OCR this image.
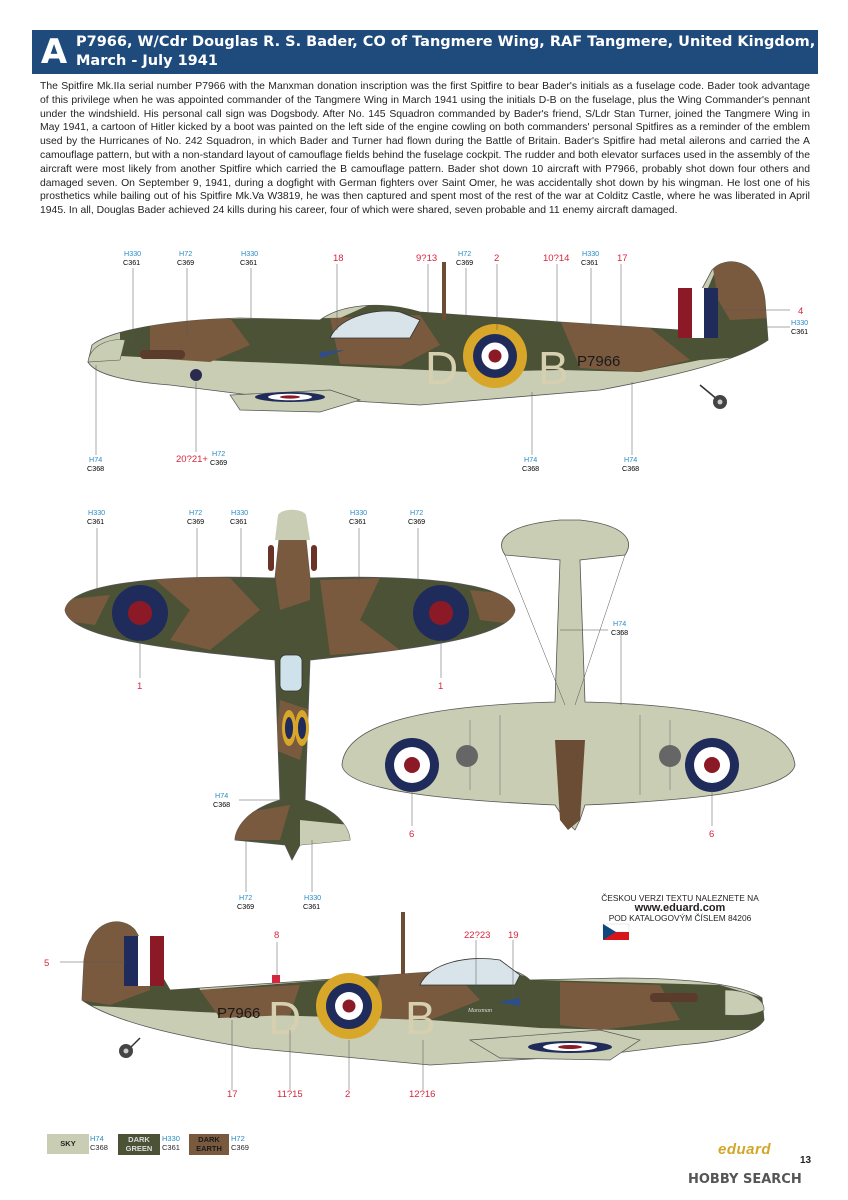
A P7966, W/Cdr Douglas R. S. Bader, CO of Tangmere Wing, RAF Tangmere, United Kingdom,
March - July 1941
The Spitfire Mk.IIa serial number P7966 with the Manxman donation inscription was the first Spitfire to bear Bader's initials as a fuselage code. Bader took advantage of this privilege when he was appointed commander of the Tangmere Wing in March 1941 using the initials D-B on the fuselage, plus the Wing Commander's pennant under the windshield. His personal call sign was Dogsbody. After No. 145 Squadron commanded by Bader's friend, S/Ldr Stan Turner, joined the Tangmere Wing in May 1941, a cartoon of Hitler kicked by a boot was painted on the left side of the engine cowling on both commanders' personal Spitfires as a reminder of the emblem used by the Hurricanes of No. 242 Squadron, in which Bader and Turner had flown during the Battle of Britain. Bader's Spitfire had metal ailerons and carried the A camouflage pattern, but with a non-standard layout of camouflage fields behind the fuselage cockpit. The rudder and both elevator surfaces used in the assembly of the aircraft were most likely from another Spitfire which carried the B camouflage pattern. Bader shot down 10 aircraft with P7966, probably shot down four others and damaged seven. On September 9, 1941, during a dogfight with German fighters over Saint Omer, he was accidentally shot down by his wingman. He lost one of his prosthetics while bailing out of his Spitfire Mk.Va W3819, he was then captured and spent most of the rest of the war at Colditz Castle, where he was liberated in April 1945. In all, Douglas Bader achieved 24 kills during his career, four of which were shared, seven probable and 11 enemy aircraft damaged.
D B P7966
D B
P7966	Manxman
H330
C361
H72
C369
H330
C361
H72
C369
H330
C361
H330
C361
H74
C368
H72
C369	H74
C368
H74
C368
H330
C361
H72
C369
H330
C361
H330
C361
H72
C369
H74
C368
H74
C368
H72
C369
H330
C361
18	9?13	2	10?14	17
4
20?21+
1	1
6	6
5
8	22?23 19
17	11?15	2	12?16
ČESKOU VERZI TEXTU NALEZNETE NA
www.eduard.com
POD KATALOGOVÝM ČÍSLEM 84206
SKY
H74
C368
DARK GREEN
H330
C361
DARK EARTH
H72
C369	eduard
13
HOBBY SEARCH
